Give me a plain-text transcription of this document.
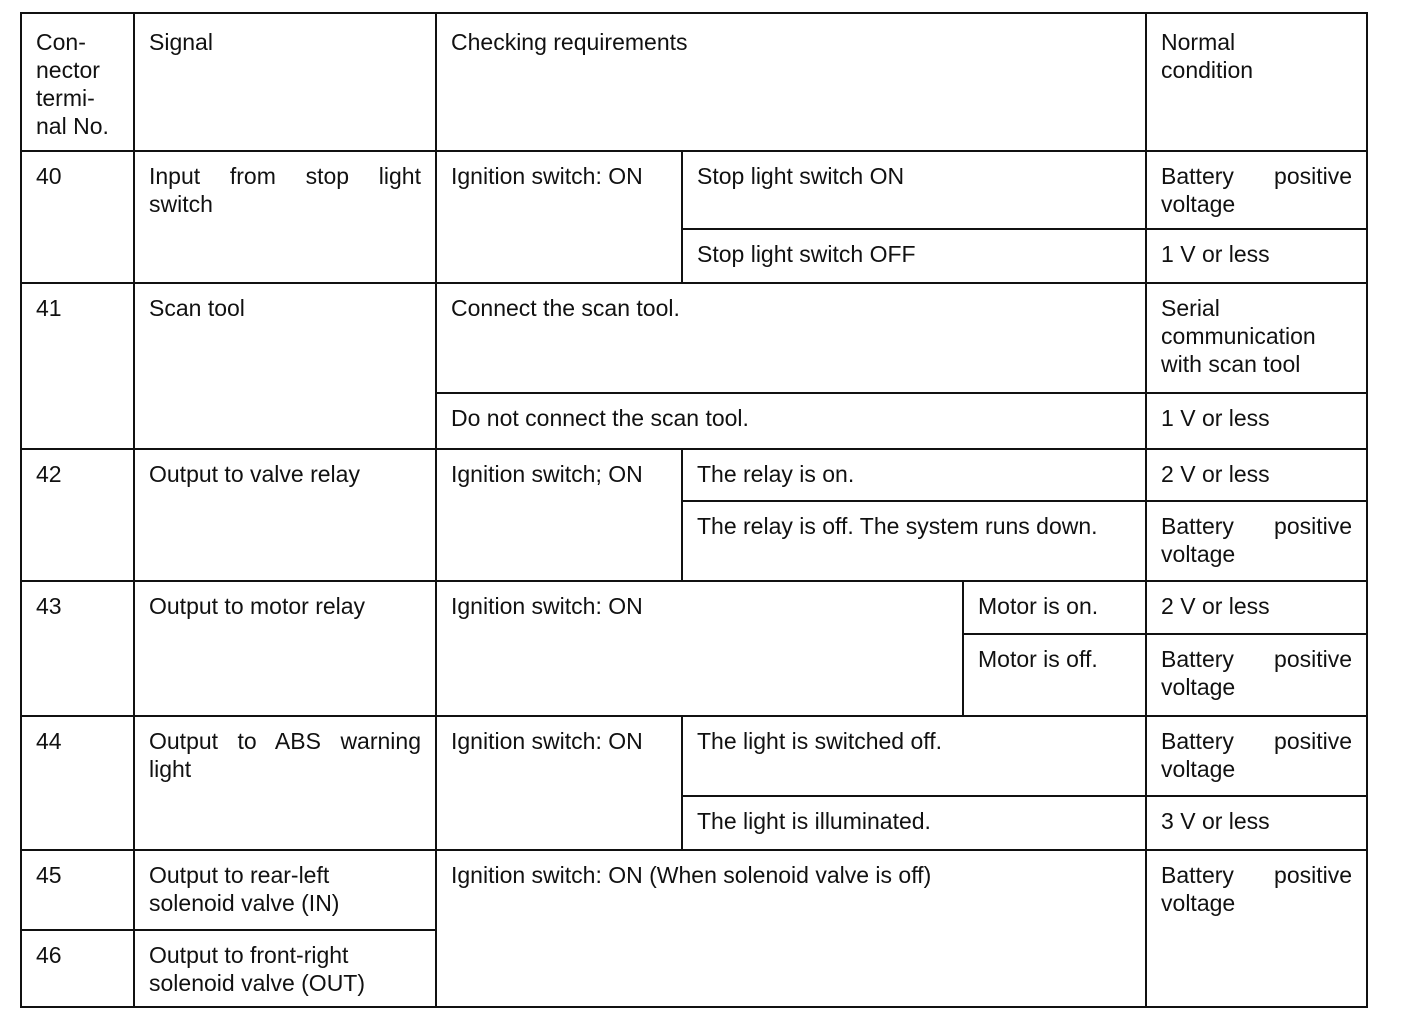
Con-
nector
termi-
nal No.	Signal	Checking requirements			Normal
condition
40	Input from stop light switch	Ignition switch: ON	Stop light switch ON		Battery positive voltage
			Stop light switch OFF		1 V or less
41	Scan tool	Connect the scan tool.			Serial communication with scan tool
		Do not connect the scan tool.			1 V or less
42	Output to valve relay	Ignition switch; ON	The relay is on.		2 V or less
			The relay is off. The system runs down.		Battery positive voltage
43	Output to motor relay	Ignition switch: ON		Motor is on.	2 V or less
				Motor is off.	Battery positive voltage
44	Output to ABS warning light	Ignition switch: ON	The light is switched off.		Battery positive voltage
			The light is illuminated.		3 V or less
45	Output to rear-left
solenoid valve (IN)	Ignition switch: ON (When solenoid valve is off)			Battery positive voltage
46	Output to front-right
solenoid valve (OUT)				
